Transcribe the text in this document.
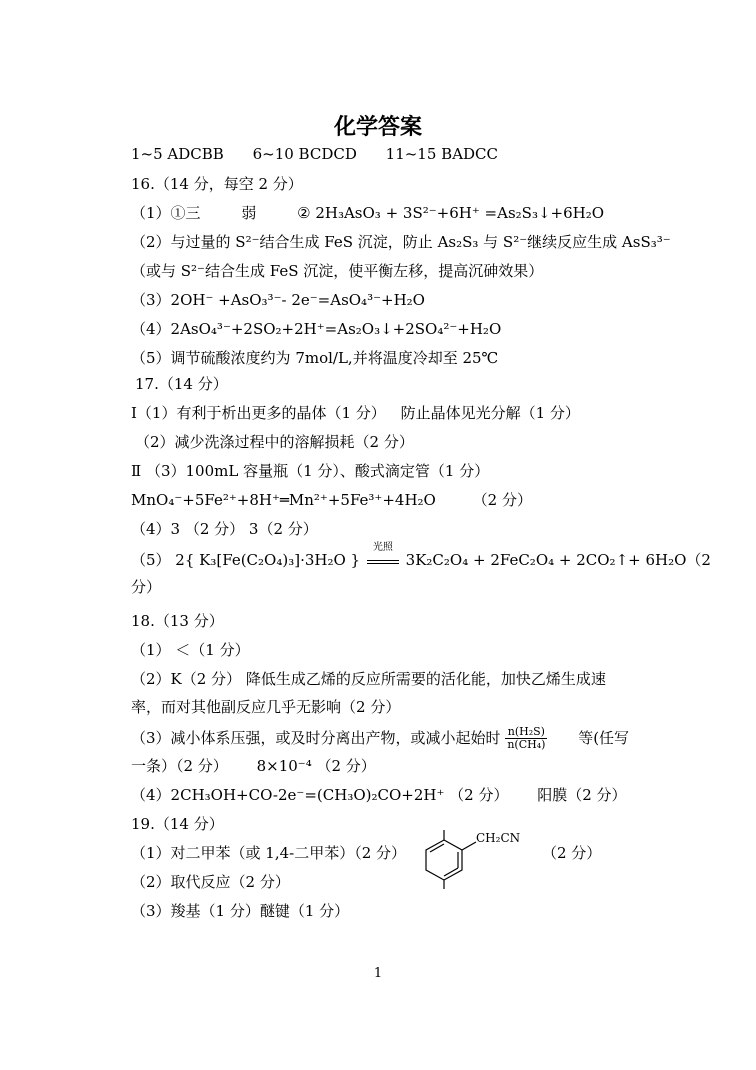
化学答案
1~5 ADCBB 6~10 BCDCD 11~15 BADCC
16.（14 分，每空 2 分）
（1）①三	弱	② 2H₃AsO₃ + 3S²⁻+6H⁺ =As₂S₃↓+6H₂O
（2）与过量的 S²⁻结合生成 FeS 沉淀，防止 As₂S₃ 与 S²⁻继续反应生成 AsS₃³⁻
（或与 S²⁻结合生成 FeS 沉淀，使平衡左移，提高沉砷效果）
（3）2OH⁻ +AsO₃³⁻- 2e⁻=AsO₄³⁻+H₂O
（4）2AsO₄³⁻+2SO₂+2H⁺=As₂O₃↓+2SO₄²⁻+H₂O
（5）调节硫酸浓度约为 7mol/L,并将温度冷却至 25℃
17.（14 分）
Ⅰ（1）有利于析出更多的晶体（1 分） 防止晶体见光分解（1 分）
（2）减少洗涤过程中的溶解损耗（2 分）
Ⅱ （3）100mL 容量瓶（1 分）、酸式滴定管（1 分）
MnO₄⁻+5Fe²⁺+8H⁺═Mn²⁺+5Fe³⁺+4H₂O （2 分）
（4）3 （2 分） 3（2 分）
（5） 2{ K₃[Fe(C₂O₄)₃]·3H₂O }
光照
3K₂C₂O₄ + 2FeC₂O₄ + 2CO₂↑+ 6H₂O（2
分）
18.（13 分）
（1） ＜（1 分）
（2）K（2 分） 降低生成乙烯的反应所需要的活化能，加快乙烯生成速
率，而对其他副反应几乎无影响（2 分）
（3）减小体系压强，或及时分离出产物，或减小起始时 $\frac{\text{n(H₂S)}}{\text{n(CH₄)}}$ 等(任写
一条）（2 分） 8×10⁻⁴ （2 分）
（4）2CH₃OH+CO-2e⁻=(CH₃O)₂CO+2H⁺ （2 分） 阳膜（2 分）
19.（14 分）
（1）对二甲苯（或 1,4-二甲苯）（2 分）	（2 分）
（2）取代反应（2 分）
（3）羧基（1 分）醚键（1 分）
CH₂CN
1
